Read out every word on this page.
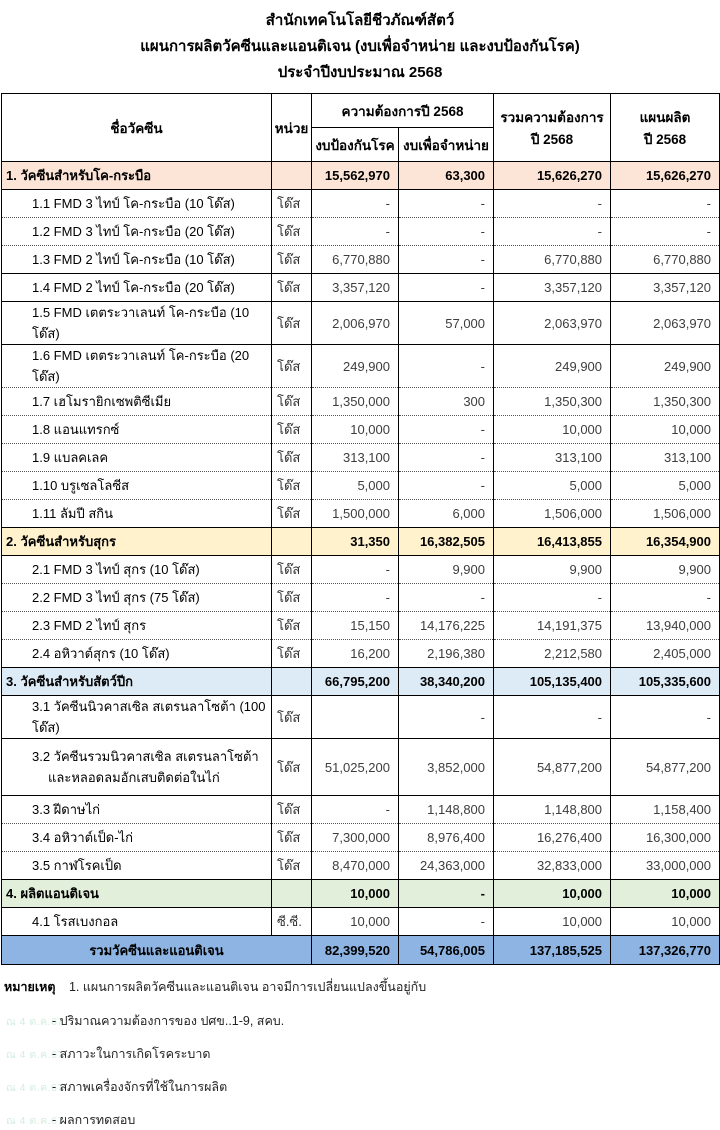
สำนักเทคโนโลยีชีวภัณฑ์สัตว์
แผนการผลิตวัคซีนและแอนติเจน (งบเพื่อจำหน่าย และงบป้องกันโรค)
ประจำปีงบประมาณ 2568
ชื่อวัคซีน	หน่วย	ความต้องการปี 2568		รวมความต้องการ
ปี 2568	แผนผลิต
ปี 2568
		งบป้องกันโรค	งบเพื่อจำหน่าย		

1. วัคซีนสำหรับโค-กระบือ		15,562,970	63,300	15,626,270	15,626,270

1.1 FMD 3 ไทป์ โค-กระบือ (10 โด๊ส)	โด๊ส	-	-	-	-

1.2 FMD 3 ไทป์ โค-กระบือ (20 โด๊ส)	โด๊ส	-	-	-	-

1.3 FMD 2 ไทป์ โค-กระบือ (10 โด๊ส)	โด๊ส	6,770,880	-	6,770,880	6,770,880

1.4 FMD 2 ไทป์ โค-กระบือ (20 โด๊ส)	โด๊ส	3,357,120	-	3,357,120	3,357,120

1.5 FMD เตตระวาเลนท์ โค-กระบือ (10 โด๊ส)	โด๊ส	2,006,970	57,000	2,063,970	2,063,970

1.6 FMD เตตระวาเลนท์ โค-กระบือ (20 โด๊ส)	โด๊ส	249,900	-	249,900	249,900

1.7 เฮโมรายิกเซพติซีเมีย	โด๊ส	1,350,000	300	1,350,300	1,350,300

1.8 แอนแทรกซ์	โด๊ส	10,000	-	10,000	10,000

1.9 แบลคเลค	โด๊ส	313,100	-	313,100	313,100

1.10 บรูเซลโลซีส	โด๊ส	5,000	-	5,000	5,000

1.11 ลัมปี สกิน	โด๊ส	1,500,000	6,000	1,506,000	1,506,000

2. วัคซีนสำหรับสุกร		31,350	16,382,505	16,413,855	16,354,900

2.1 FMD 3 ไทป์ สุกร (10 โด๊ส)	โด๊ส	-	9,900	9,900	9,900

2.2 FMD 3 ไทป์ สุกร (75 โด๊ส)	โด๊ส	-	-	-	-

2.3 FMD 2 ไทป์ สุกร	โด๊ส	15,150	14,176,225	14,191,375	13,940,000

2.4 อหิวาต์สุกร (10 โด๊ส)	โด๊ส	16,200	2,196,380	2,212,580	2,405,000

3. วัคซีนสำหรับสัตว์ปีก		66,795,200	38,340,200	105,135,400	105,335,600

3.1 วัคซีนนิวคาสเซิล สเตรนลาโซต้า (100 โด๊ส)	โด๊ส		-	-	-

3.2 วัคซีนรวมนิวคาสเซิล สเตรนลาโซต้า
และหลอดลมอักเสบติดต่อในไก่	โด๊ส	51,025,200	3,852,000	54,877,200	54,877,200

3.3 ฝีดาษไก่	โด๊ส	-	1,148,800	1,148,800	1,158,400

3.4 อหิวาต์เป็ด-ไก่	โด๊ส	7,300,000	8,976,400	16,276,400	16,300,000

3.5 กาฬโรคเป็ด	โด๊ส	8,470,000	24,363,000	32,833,000	33,000,000

4. ผลิตแอนติเจน		10,000	-	10,000	10,000

4.1 โรสเบงกอล	ซี.ซี.	10,000	-	10,000	10,000
รวมวัคซีนและแอนติเจน		82,399,520	54,786,005	137,185,525	137,326,770
หมายเหตุ 1. แผนการผลิตวัคซีนและแอนติเจน อาจมีการเปลี่ยนแปลงขึ้นอยู่กับ
ณ 4 ต.ค.67
- ปริมาณความต้องการของ ปศข..1-9, สคบ.
ณ 4 ต.ค.67
- สภาวะในการเกิดโรคระบาด
ณ 4 ต.ค.67
- สภาพเครื่องจักรที่ใช้ในการผลิต
ณ 4 ต.ค.67
- ผลการทดสอบ
